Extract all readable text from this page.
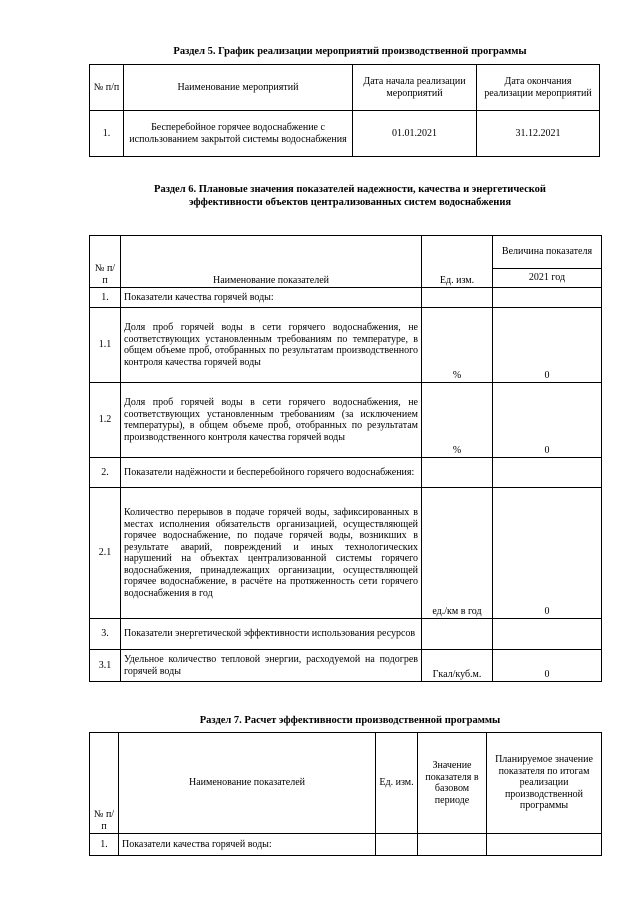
Раздел 5. График реализации мероприятий производственной программы
№ п/п	Наименование мероприятий	Дата начала реализации мероприятий	Дата окончания реализации мероприятий
1.	Бесперебойное горячее водоснабжение с использованием закрытой системы водоснабжения	01.01.2021	31.12.2021
Раздел 6. Плановые значения показателей надежности, качества и энергетической эффективности объектов централизованных систем водоснабжения
№ п/п	Наименование показателей	Ед. изм.	Величина показателя
			2021 год
1.	Показатели качества горячей воды:		
1.1	Доля проб горячей воды в сети горячего водоснабжения, не соответствующих установленным требованиям по температуре, в общем объеме проб, отобранных по результатам производственного контроля качества горячей воды	%	0
1.2	Доля проб горячей воды в сети горячего водоснабжения, не соответствующих установленным требованиям (за исключением температуры), в общем объеме проб, отобранных по результатам производственного контроля качества горячей воды	%	0
2.	Показатели надёжности и бесперебойного горячего водоснабжения:		
2.1	Количество перерывов в подаче горячей воды, зафиксированных в местах исполнения обязательств организацией, осуществляющей горячее водоснабжение, по подаче горячей воды, возникших в результате аварий, повреждений и иных технологических нарушений на объектах централизованной системы горячего водоснабжения, принадлежащих организации, осуществляющей горячее водоснабжение, в расчёте на протяженность сети горячего водоснабжения в год	ед./км в год	0
3.	Показатели энергетической эффективности использования ресурсов		
3.1	Удельное количество тепловой энергии, расходуемой на подогрев горячей воды	Гкал/куб.м.	0
Раздел 7. Расчет эффективности производственной программы
№ п/п	Наименование показателей	Ед. изм.	Значение показателя в базовом периоде	Планируемое значение показателя по итогам реализации производственной программы
1.	Показатели качества горячей воды:			
